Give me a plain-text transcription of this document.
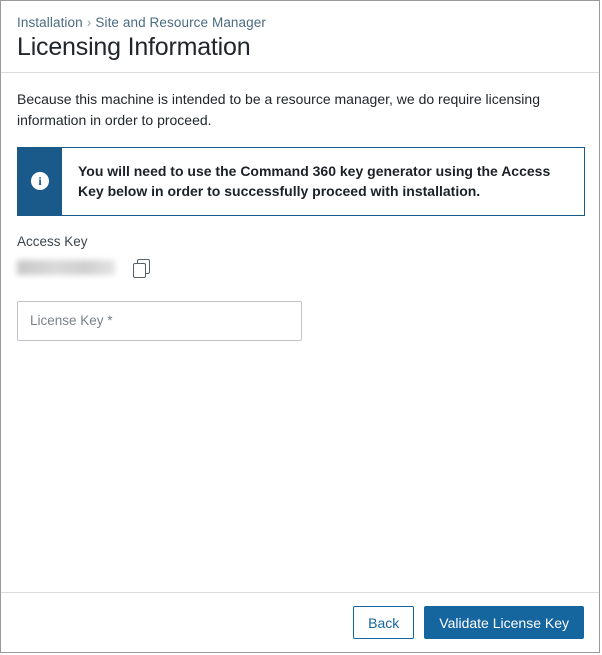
Installation › Site and Resource Manager
Licensing Information
Because this machine is intended to be a resource manager, we do require licensing information in order to proceed.
i
You will need to use the Command 360 key generator using the Access Key below in order to successfully proceed with installation.
Access Key
License Key *
Back	Validate License Key
